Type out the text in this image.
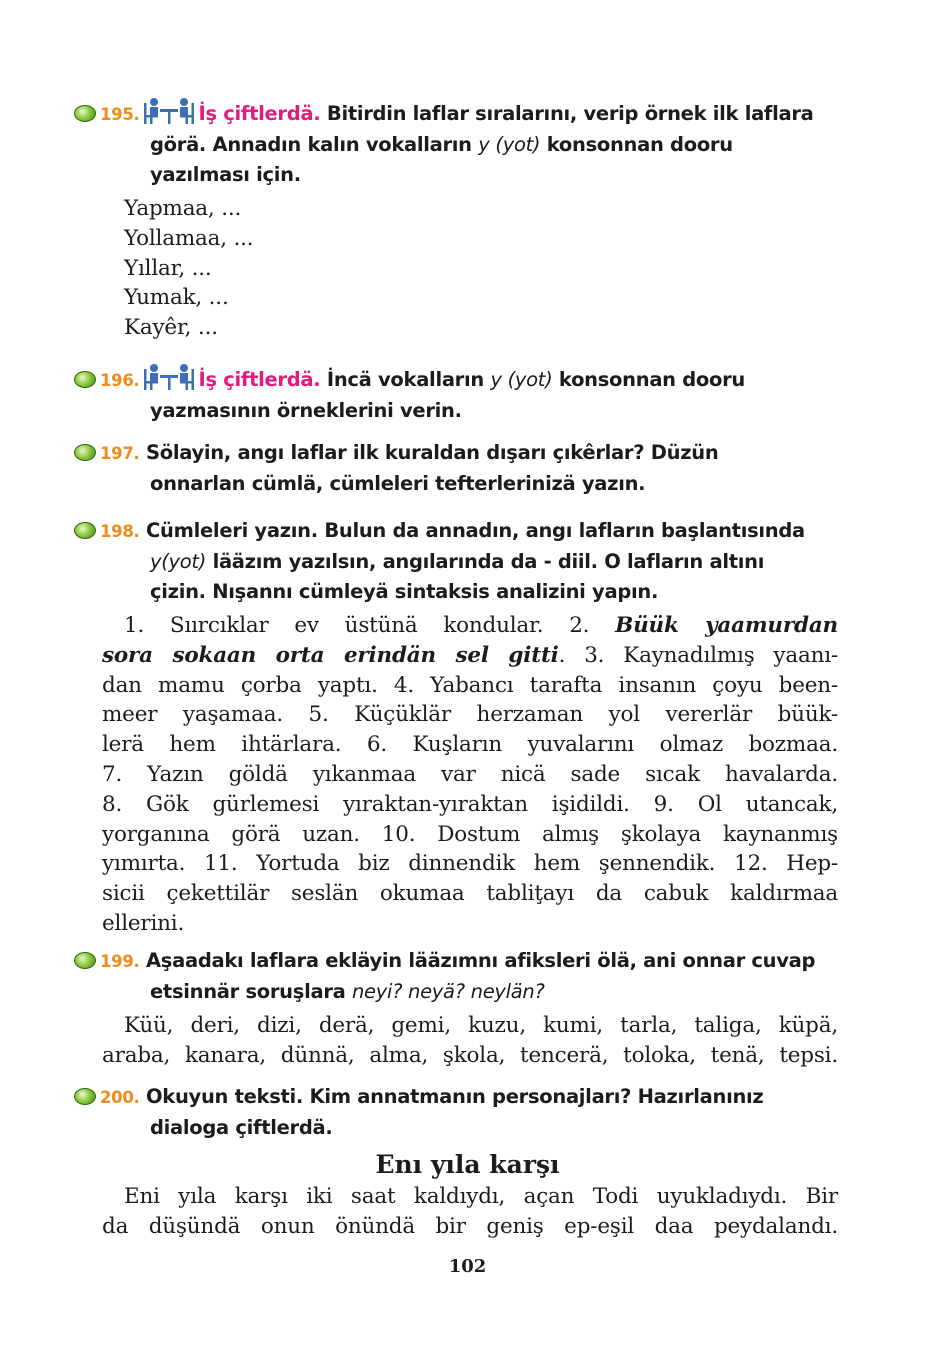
195.	İş çiftlerdä. Bitirdin laflar sıralarını, verip örnek ilk laflara
görä. Annadın kalın vokalların y (yot) konsonnan dooru
yazılması için.
Yapmaa, ...
Yollamaa, ...
Yıllar, ...
Yumak, ...
Kayêr, ...
196.	İş çiftlerdä. İncä vokalların y (yot) konsonnan dooru
yazmasının örneklerini verin.
197. Sölayin, angı laflar ilk kuraldan dışarı çıkêrlar? Düzün
onnarlan cümlä, cümleleri tefterlerinizä yazın.
198. Cümleleri yazın. Bulun da annadın, angı lafların başlantısında
y(yot) lääzım yazılsın, angılarında da - diil. O lafların altını
çizin. Nışannı cümleyä sintaksis analizini yapın.
1. Sıırcıklar ev üstünä kondular. 2. Büük yaamurdan
sora sokaan orta erindän sel gitti. 3. Kaynadılmış yaanı-
dan mamu çorba yaptı. 4. Yabancı tarafta insanın çoyu been-
meer yaşamaa. 5. Küçüklär herzaman yol vererlär büük-
lerä hem ihtärlara. 6. Kuşların yuvalarını olmaz bozmaa.
7. Yazın göldä yıkanmaa var nicä sade sıcak havalarda.
8. Gök gürlemesi yıraktan-yıraktan işidildi. 9. Ol utancak,
yorganına görä uzan. 10. Dostum almış şkolaya kaynanmış
yımırta. 11. Yortuda biz dinnendik hem şennendik. 12. Hep-
sicii çekettilär seslän okumaa tabliţayı da cabuk kaldırmaa
ellerini.
199. Aşaadakı laflara ekläyin lääzımnı afiksleri ölä, ani onnar cuvap
etsinnär soruşlara neyi? neyä? neylän?
Küü, deri, dizi, derä, gemi, kuzu, kumi, tarla, taliga, küpä,
araba, kanara, dünnä, alma, şkola, tencerä, toloka, tenä, tepsi.
200. Okuyun teksti. Kim annatmanın personajları? Hazırlanınız
dialoga çiftlerdä.
Enı yıla karşı
Eni yıla karşı iki saat kaldıydı, açan Todi uyukladıydı. Bir
da düşündä onun önündä bir geniş ep-eşil daa peydalandı.
102
